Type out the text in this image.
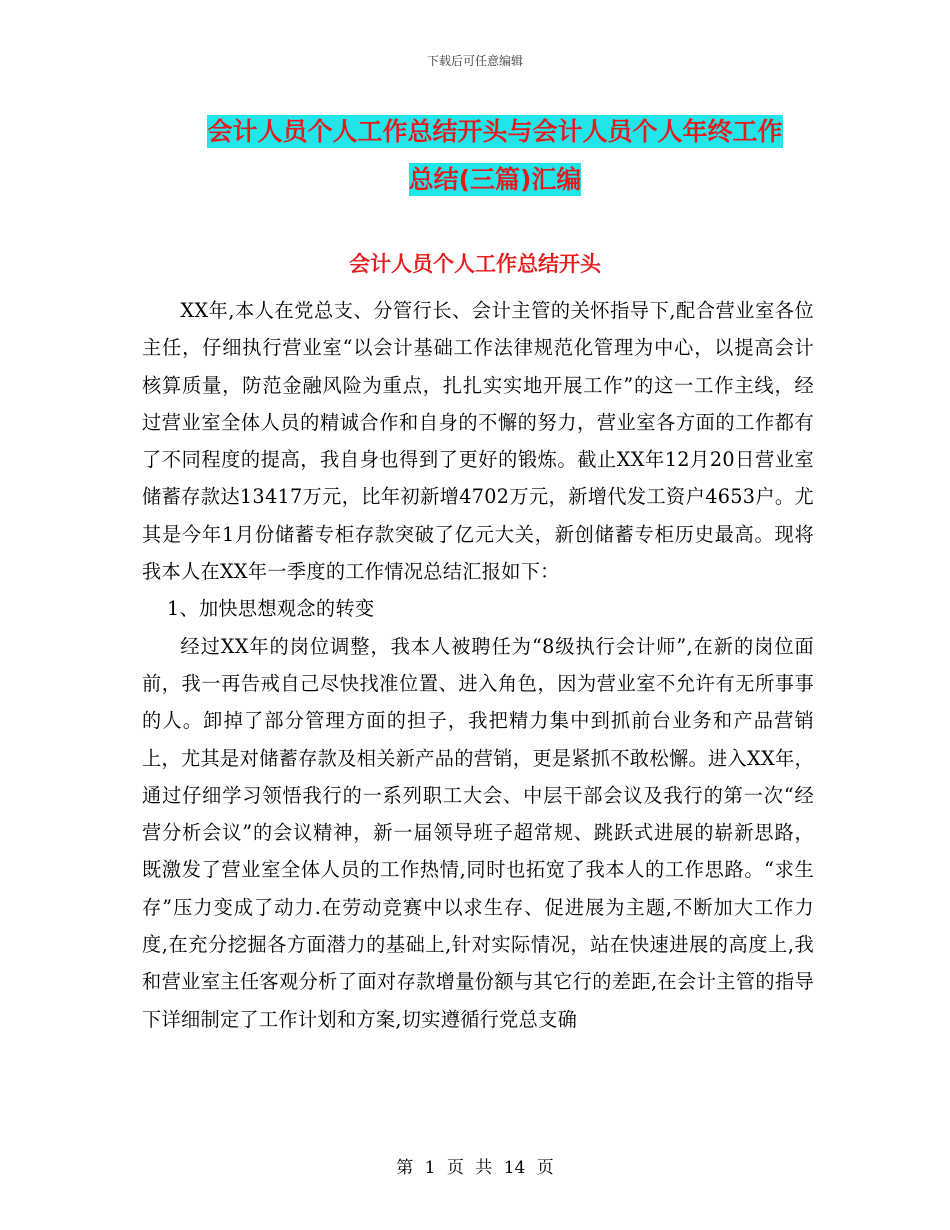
下载后可任意编辑
会计人员个人工作总结开头与会计人员个人年终工作
总结(三篇)汇编
会计人员个人工作总结开头

XX年,本人在党总支、分管行长、会计主管的关怀指导下,配合营业室各位主任，仔细执行营业室“以会计基础工作法律规范化管理为中心，以提高会计核算质量，防范金融风险为重点，扎扎实实地开展工作”的这一工作主线，经过营业室全体人员的精诚合作和自身的不懈的努力，营业室各方面的工作都有了不同程度的提高，我自身也得到了更好的锻炼。截止XX年12月20日营业室储蓄存款达13417万元，比年初新增4702万元，新增代发工资户4653户。尤其是今年1月份储蓄专柜存款突破了亿元大关，新创储蓄专柜历史最高。现将我本人在XX年一季度的工作情况总结汇报如下：

1、加快思想观念的转变

经过XX年的岗位调整，我本人被聘任为“8级执行会计师”,在新的岗位面前，我一再告戒自己尽快找准位置、进入角色，因为营业室不允许有无所事事的人。卸掉了部分管理方面的担子，我把精力集中到抓前台业务和产品营销上，尤其是对储蓄存款及相关新产品的营销，更是紧抓不敢松懈。进入XX年，通过仔细学习领悟我行的一系列职工大会、中层干部会议及我行的第一次“经营分析会议”的会议精神，新一届领导班子超常规、跳跃式进展的崭新思路，既激发了营业室全体人员的工作热情,同时也拓宽了我本人的工作思路。“求生存”压力变成了动力.在劳动竞赛中以求生存、促进展为主题,不断加大工作力度,在充分挖掘各方面潜力的基础上,针对实际情况，站在快速进展的高度上,我和营业室主任客观分析了面对存款增量份额与其它行的差距,在会计主管的指导下详细制定了工作计划和方案,切实遵循行党总支确

第 1 页 共 14 页
